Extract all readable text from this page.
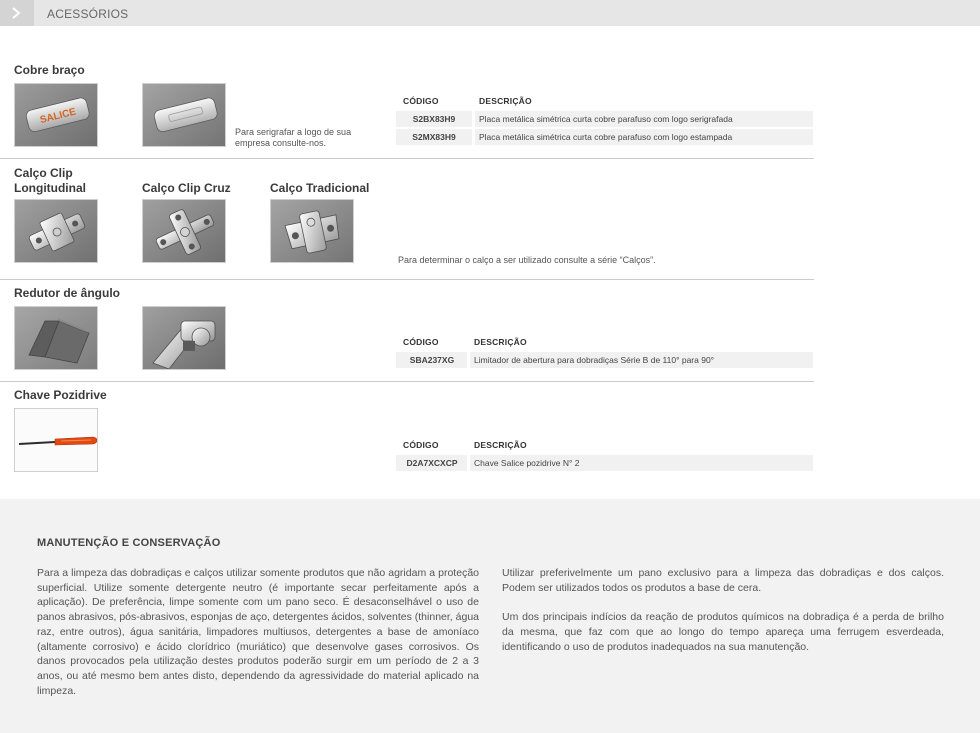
ACESSÓRIOS
Cobre braço
SALICE
Para serigrafar a logo de sua empresa consulte-nos.
CÓDIGO	DESCRIÇÃO
S2BX83H9	Placa metálica simétrica curta cobre parafuso com logo serigrafada
S2MX83H9	Placa metálica simétrica curta cobre parafuso com logo estampada
Calço Clip Longitudinal	Calço Clip Cruz	Calço Tradicional
Para determinar o calço a ser utilizado consulte a série “Calços”.
Redutor de ângulo
CÓDIGO	DESCRIÇÃO
SBA237XG	Limitador de abertura para dobradiças Série B de 110° para 90°
Chave Pozidrive
CÓDIGO	DESCRIÇÃO
D2A7XCXCP	Chave Salice pozidrive N° 2
MANUTENÇÃO E CONSERVAÇÃO

Para a limpeza das dobradiças e calços utilizar somente produtos que não agridam a proteção superficial. Utilize somente detergente neutro (é importante secar perfeitamente após a aplicação). De preferência, limpe somente com um pano seco. É desaconselhável o uso de panos abrasivos, pós-abrasivos, esponjas de aço, detergentes ácidos, solventes (thinner, água raz, entre outros), água sanitária, limpadores multiusos, detergentes a base de amoníaco (altamente corrosivo) e ácido clorídrico (muriático) que desenvolve gases corrosivos. Os danos provocados pela utilização destes produtos poderão surgir em um período de 2 a 3 anos, ou até mesmo bem antes disto, dependendo da agressividade do material aplicado na limpeza.

Utilizar preferivelmente um pano exclusivo para a limpeza das dobradiças e dos calços. Podem ser utilizados todos os produtos a base de cera.

Um dos principais indícios da reação de produtos químicos na dobradiça é a perda de brilho da mesma, que faz com que ao longo do tempo apareça uma ferrugem esverdeada, identificando o uso de produtos inadequados na sua manutenção.
